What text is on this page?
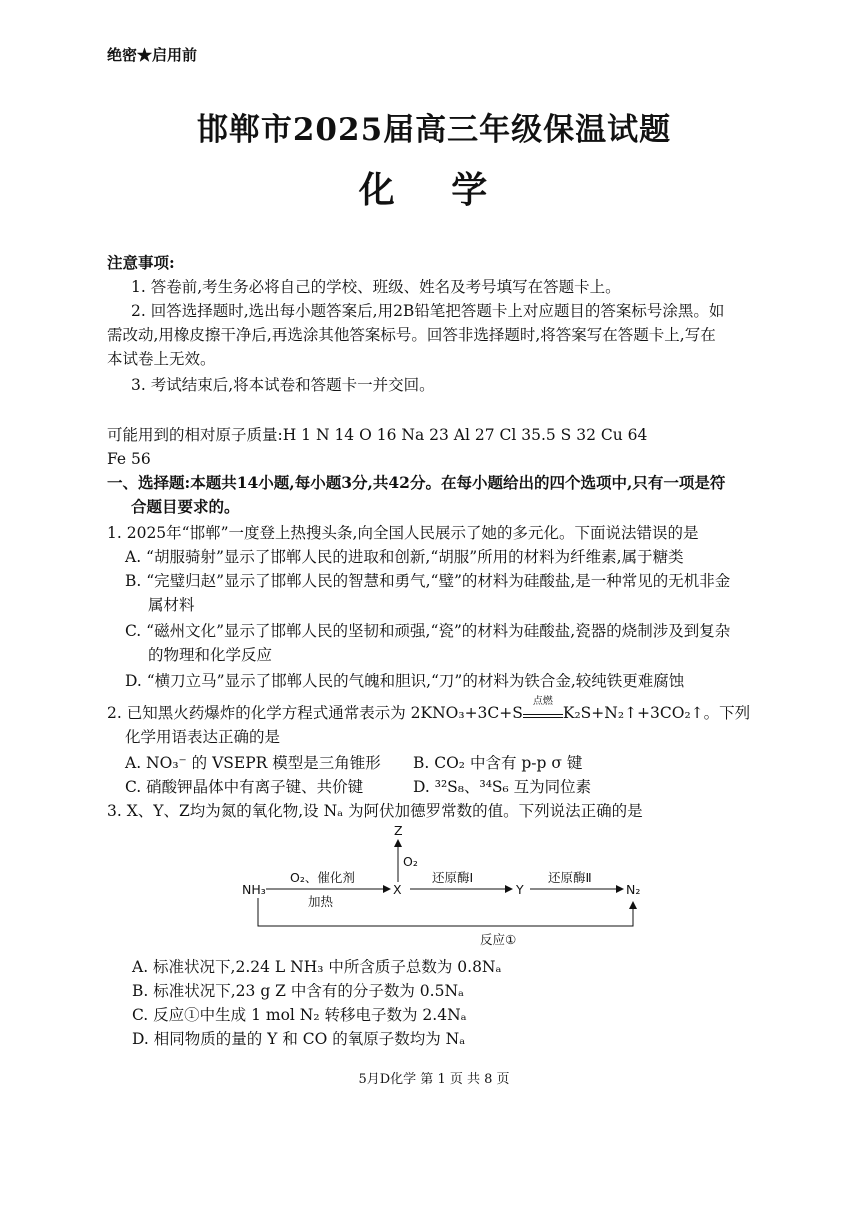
绝密★启用前
邯郸市2025届高三年级保温试题
化 学
注意事项:
1. 答卷前,考生务必将自己的学校、班级、姓名及考号填写在答题卡上。
2. 回答选择题时,选出每小题答案后,用2B铅笔把答题卡上对应题目的答案标号涂黑。如
需改动,用橡皮擦干净后,再选涂其他答案标号。回答非选择题时,将答案写在答题卡上,写在
本试卷上无效。
3. 考试结束后,将本试卷和答题卡一并交回。
可能用到的相对原子质量:H 1 N 14 O 16 Na 23 Al 27 Cl 35.5 S 32 Cu 64
Fe 56
一、选择题:本题共14小题,每小题3分,共42分。在每小题给出的四个选项中,只有一项是符
合题目要求的。
1. 2025年“邯郸”一度登上热搜头条,向全国人民展示了她的多元化。下面说法错误的是
A. “胡服骑射”显示了邯郸人民的进取和创新,“胡服”所用的材料为纤维素,属于糖类
B. “完璧归赵”显示了邯郸人民的智慧和勇气,“璧”的材料为硅酸盐,是一种常见的无机非金
属材料
C. “磁州文化”显示了邯郸人民的坚韧和顽强,“瓷”的材料为硅酸盐,瓷器的烧制涉及到复杂
的物理和化学反应
D. “横刀立马”显示了邯郸人民的气魄和胆识,“刀”的材料为铁合金,较纯铁更难腐蚀
2. 已知黑火药爆炸的化学方程式通常表示为 2KNO₃+3C+S
点燃
K₂S+N₂↑+3CO₂↑。下列
化学用语表达正确的是
A. NO₃⁻ 的 VSEPR 模型是三角锥形 B. CO₂ 中含有 p-p σ 键
C. 硝酸钾晶体中有离子键、共价键	D. ³²S₈、³⁴S₆ 互为同位素
3. X、Y、Z均为氮的氧化物,设 Nₐ 为阿伏加德罗常数的值。下列说法正确的是
NH₃
O₂、催化剂
加热
X
Z
O₂
还原酶Ⅰ
Y
还原酶Ⅱ
N₂
反应①
A. 标准状况下,2.24 L NH₃ 中所含质子总数为 0.8Nₐ
B. 标准状况下,23 g Z 中含有的分子数为 0.5Nₐ
C. 反应①中生成 1 mol N₂ 转移电子数为 2.4Nₐ
D. 相同物质的量的 Y 和 CO 的氧原子数均为 Nₐ
5月D化学 第 1 页 共 8 页
